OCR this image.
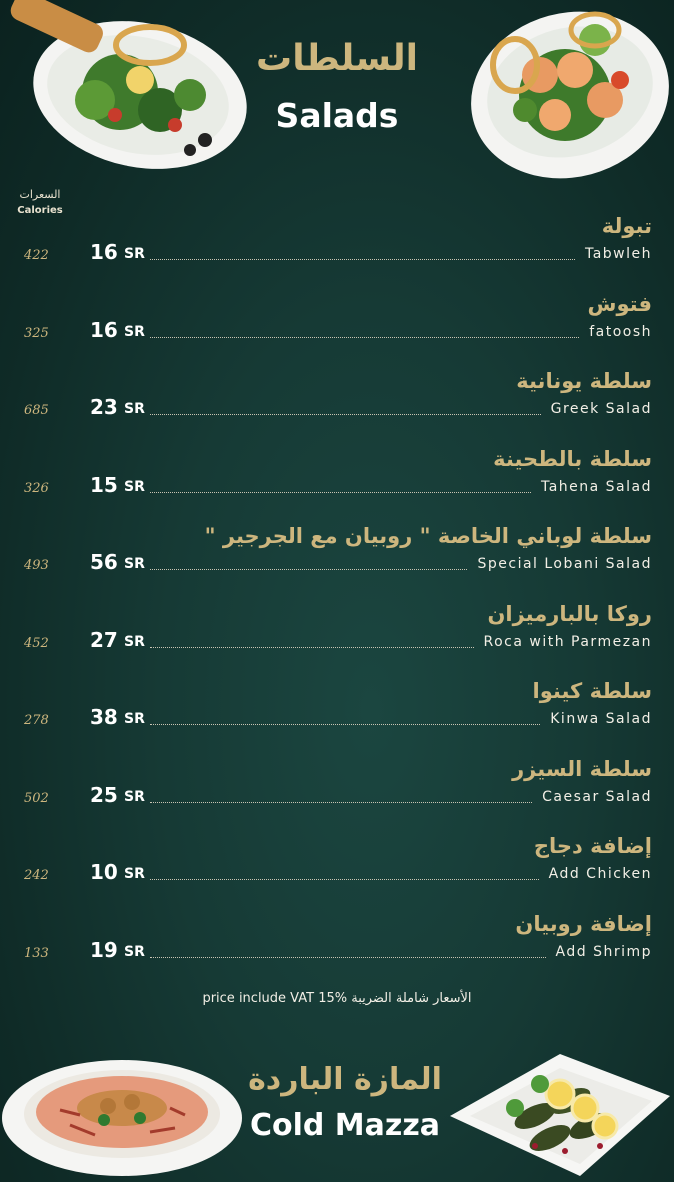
السلطات
Salads
السعرات
Calories
تبولة
Tabwleh
422 16 SR
فتوش
fatoosh
325 16 SR
سلطة يونانية
Greek Salad
685 23 SR
سلطة بالطحينة
Tahena Salad
326 15 SR
سلطة لوباني الخاصة " روبيان مع الجرجير "
Special Lobani Salad
493 56 SR
روكا بالبارميزان
Roca with Parmezan
452 27 SR
سلطة كينوا
Kinwa Salad
278 38 SR
سلطة السيزر
Caesar Salad
502 25 SR
إضافة دجاج
Add Chicken
242 10 SR
إضافة روبيان
Add Shrimp
133 19 SR
price include VAT 15% الأسعار شاملة الضريبة
المازة الباردة
Cold Mazza
